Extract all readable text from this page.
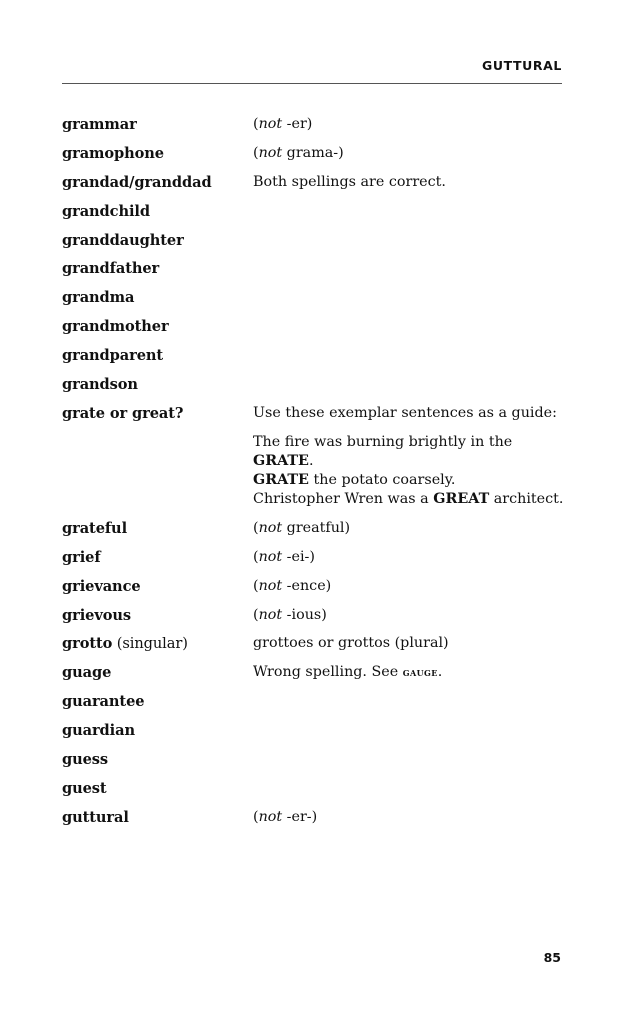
GUTTURAL
grammar	(not -er)
gramophone	(not grama-)
grandad/granddad	Both spellings are correct.
grandchild
granddaughter
grandfather
grandma
grandmother
grandparent
grandson
grate or great?	Use these exemplar sentences as a guide:
The fire was burning brightly in the
GRATE.
GRATE the potato coarsely.
Christopher Wren was a GREAT architect.
grateful	(not greatful)
grief	(not -ei-)
grievance	(not -ence)
grievous	(not -ious)
grotto (singular)	grottoes or grottos (plural)
guage	Wrong spelling. See gauge.
guarantee
guardian
guess
guest
guttural	(not -er-)
85
